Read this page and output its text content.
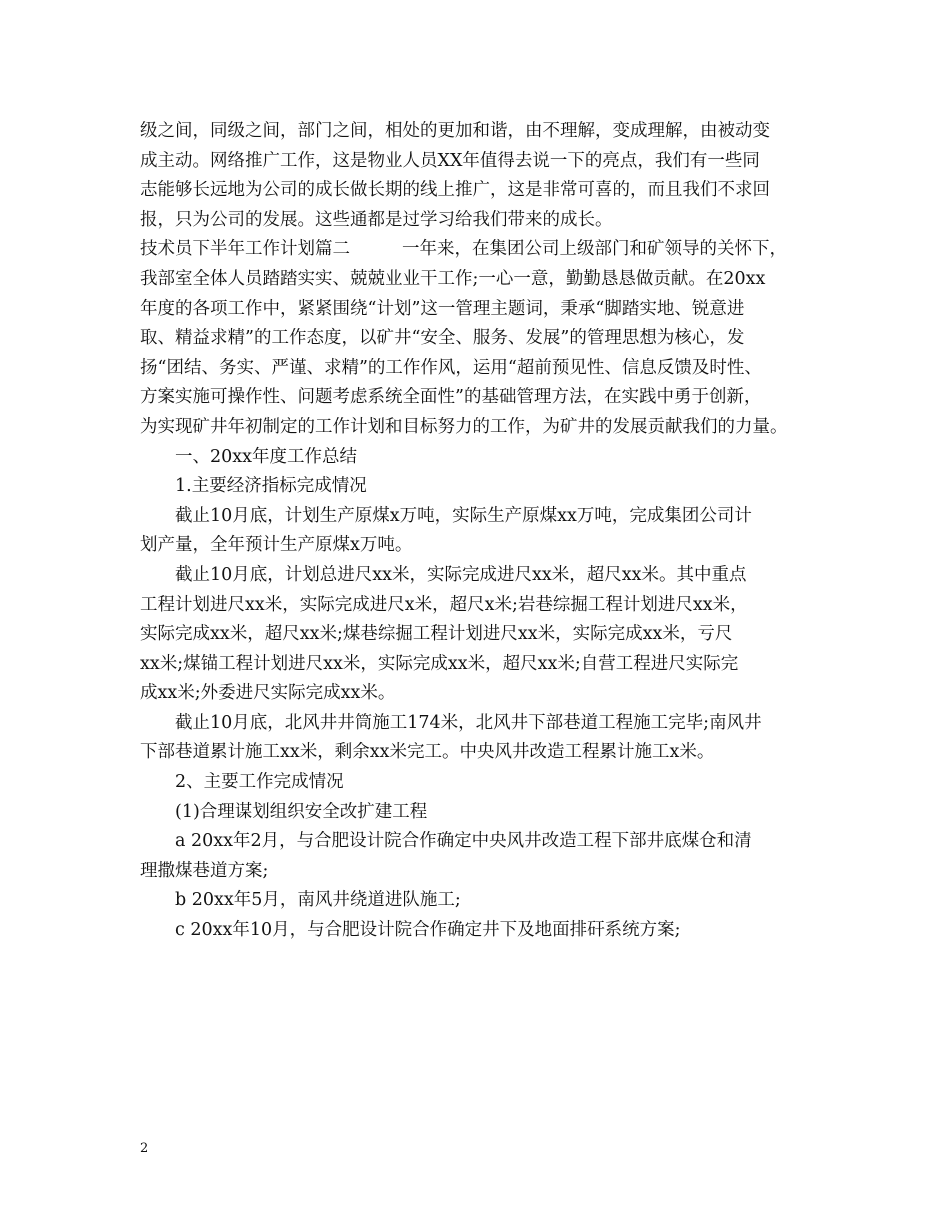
级之间，同级之间，部门之间，相处的更加和谐，由不理解，变成理解，由被动变
成主动。网络推广工作，这是物业人员XX年值得去说一下的亮点，我们有一些同
志能够长远地为公司的成长做长期的线上推广，这是非常可喜的，而且我们不求回
报，只为公司的发展。这些通都是过学习给我们带来的成长。
技术员下半年工作计划篇二	一年来，在集团公司上级部门和矿领导的关怀下，
我部室全体人员踏踏实实、兢兢业业干工作;一心一意，勤勤恳恳做贡献。在20xx
年度的各项工作中，紧紧围绕“计划”这一管理主题词，秉承“脚踏实地、锐意进
取、精益求精”的工作态度，以矿井“安全、服务、发展”的管理思想为核心，发
扬“团结、务实、严谨、求精”的工作作风，运用“超前预见性、信息反馈及时性、
方案实施可操作性、问题考虑系统全面性”的基础管理方法，在实践中勇于创新，
为实现矿井年初制定的工作计划和目标努力的工作，为矿井的发展贡献我们的力量。
一、20xx年度工作总结
1.主要经济指标完成情况
截止10月底，计划生产原煤x万吨，实际生产原煤xx万吨，完成集团公司计
划产量，全年预计生产原煤x万吨。
截止10月底，计划总进尺xx米，实际完成进尺xx米，超尺xx米。其中重点
工程计划进尺xx米，实际完成进尺x米，超尺x米;岩巷综掘工程计划进尺xx米，
实际完成xx米，超尺xx米;煤巷综掘工程计划进尺xx米，实际完成xx米，亏尺
xx米;煤锚工程计划进尺xx米，实际完成xx米，超尺xx米;自营工程进尺实际完
成xx米;外委进尺实际完成xx米。
截止10月底，北风井井筒施工174米，北风井下部巷道工程施工完毕;南风井
下部巷道累计施工xx米，剩余xx米完工。中央风井改造工程累计施工x米。
2、主要工作完成情况
(1)合理谋划组织安全改扩建工程
a 20xx年2月，与合肥设计院合作确定中央风井改造工程下部井底煤仓和清
理撒煤巷道方案;
b 20xx年5月，南风井绕道进队施工;
c 20xx年10月，与合肥设计院合作确定井下及地面排矸系统方案;
2
